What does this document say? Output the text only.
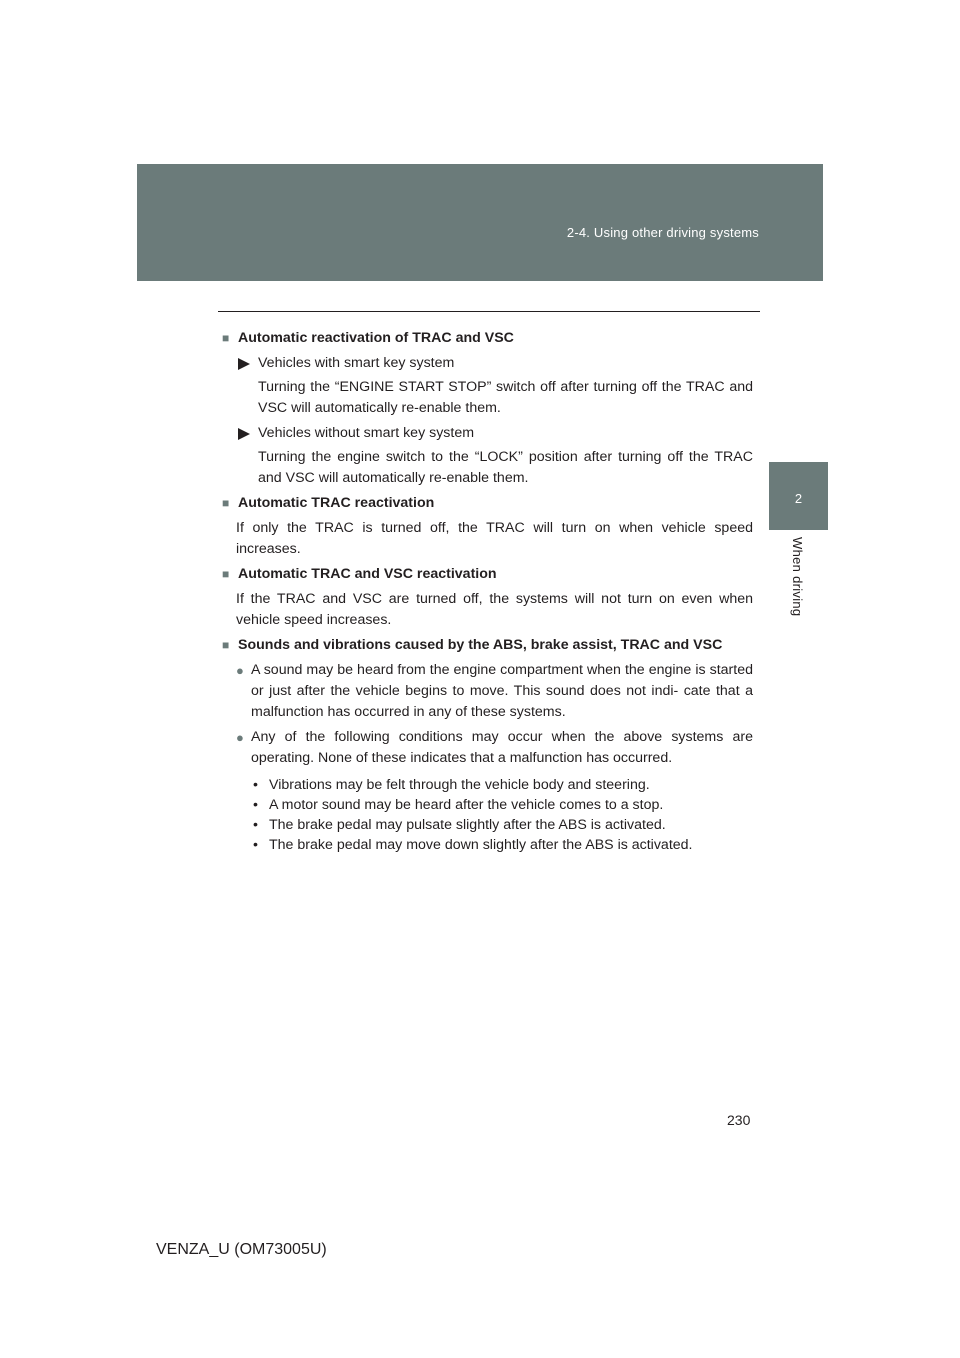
2-4. Using other driving systems
2
When driving
■ Automatic reactivation of TRAC and VSC
Vehicles with smart key system
Turning the “ENGINE START STOP” switch off after turning off the TRAC and VSC will automatically re-enable them.
Vehicles without smart key system
Turning the engine switch to the “LOCK” position after turning off the TRAC and VSC will automatically re-enable them.
■ Automatic TRAC reactivation
If only the TRAC is turned off, the TRAC will turn on when vehicle speed increases.
■ Automatic TRAC and VSC reactivation
If the TRAC and VSC are turned off, the systems will not turn on even when vehicle speed increases.
■ Sounds and vibrations caused by the ABS, brake assist, TRAC and VSC
● A sound may be heard from the engine compartment when the engine is started or just after the vehicle begins to move. This sound does not indi- cate that a malfunction has occurred in any of these systems.
● Any of the following conditions may occur when the above systems are operating. None of these indicates that a malfunction has occurred.
• Vibrations may be felt through the vehicle body and steering.
• A motor sound may be heard after the vehicle comes to a stop.
• The brake pedal may pulsate slightly after the ABS is activated.
• The brake pedal may move down slightly after the ABS is activated.
230
VENZA_U (OM73005U)
